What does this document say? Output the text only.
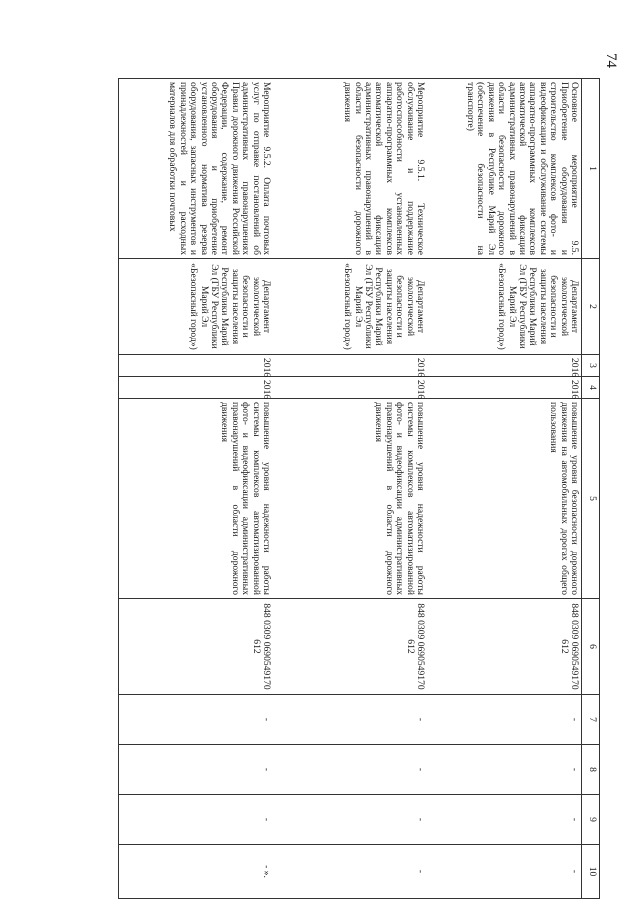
74
1	2	3	4	5	6	7	8	9	10
Основное мероприятие 9.5. Приобретение оборудования и строительство комплексов фото- и видеофиксации и обслуживание системы аппаратно-программных комплексов автоматической фиксации административных правонарушений в области безопасности дорожного движения в Республике Марий Эл (обеспечение безопасности на транспорте)	Департамент экологической безопасности и защиты населения Республики Марий Эл (ГБУ Республики Марий Эл «Безопасный город»)	2016	2016	повышение уровня безопасности дорожного движения на автомобильных дорогах общего пользования	848 0309 0690549170 612	-	-	-	-
Мероприятие 9.5.1. Техническое обслуживание и поддержание работоспособности установленных аппаратно-программных комплексов автоматической фиксации административных правонарушений в области безопасности дорожного движения	Департамент экологической безопасности и защиты населения Республики Марий Эл (ГБУ Республики Марий Эл «Безопасный город»)	2016	2016	повышение уровня надежности работы системы комплексов автоматизированной фото- и видеофиксации административных правонарушений в области дорожного движения	848 0309 0690549170 612	-	-	-	-
Мероприятие 9.5.2. Оплата почтовых услуг по отправке постановлений об административных правонарушениях Правил дорожного движения Российской Федерации, содержание, ремонт оборудования и приобретение установленного норматива резерва оборудования, запасных инструментов и принадлежностей и расходных материалов для обработки почтовых	Департамент экологической безопасности и защиты населения Республики Марий Эл (ГБУ Республики Марий Эл «Безопасный город»)	2016	2016	повышение уровня надежности работы системы комплексов автоматизированной фото- и видеофиксации административных правонарушений в области дорожного движения	848 0309 0690549170 612	-	-	-	- ».
